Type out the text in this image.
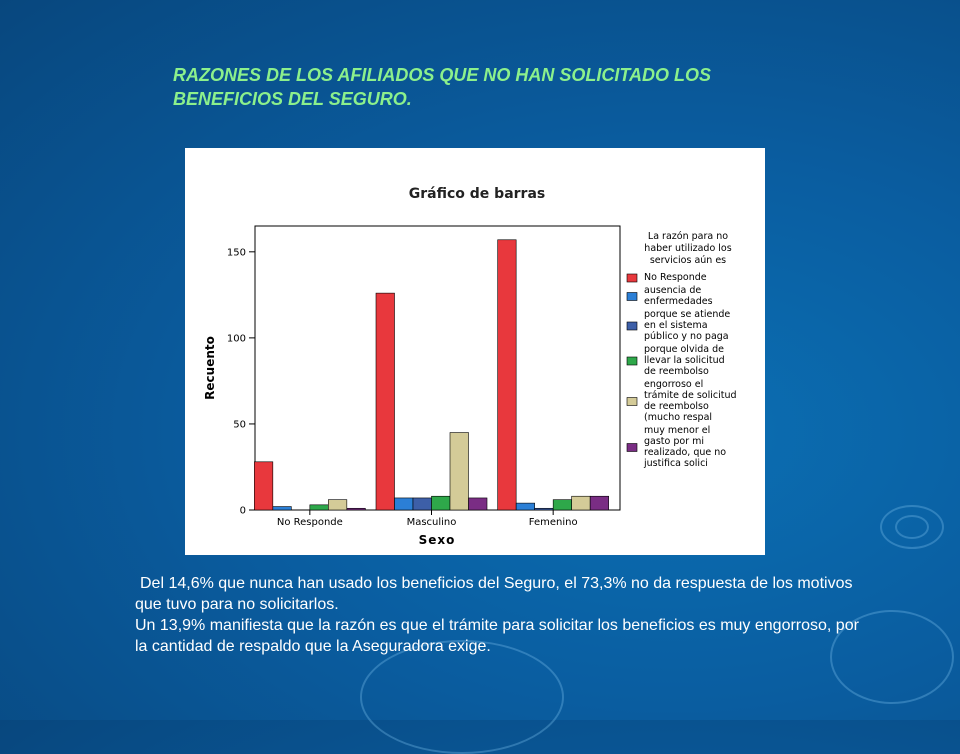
RAZONES DE LOS AFILIADOS QUE NO HAN SOLICITADO LOS
BENEFICIOS DEL SEGURO.
Gráfico de barras
Recuento
Sexo
0
50
100
150
No Responde	Masculino	Femenino
La razón para no
haber utilizado los
servicios aún es
No Responde
ausencia de
enfermedades
porque se atiende
en el sistema
público y no paga
porque olvida de
llevar la solicitud
de reembolso
engorroso el
trámite de solicitud
de reembolso
(mucho respal
muy menor el
gasto por mi
realizado, que no
justifica solici
Del 14,6% que nunca han usado los beneficios del Seguro, el 73,3% no da respuesta de los motivos que tuvo para no solicitarlos.
Un 13,9% manifiesta que la razón es que el trámite para solicitar los beneficios es muy engorroso, por la cantidad de respaldo que la Aseguradora exige.
